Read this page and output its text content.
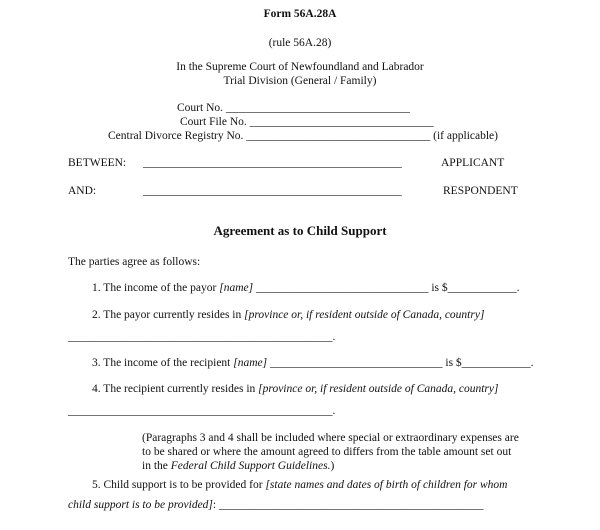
Form 56A.28A
(rule 56A.28)
In the Supreme Court of Newfoundland and Labrador
Trial Division (General / Family)
Court No. ________________________________
Court File No. ________________________________
Central Divorce Registry No. ________________________________ (if applicable)
BETWEEN: _____________________________________________	APPLICANT
AND:	_____________________________________________	RESPONDENT
Agreement as to Child Support
The parties agree as follows:
1. The income of the payor [name] ______________________________ is $____________.
2. The payor currently resides in [province or, if resident outside of Canada, country]
______________________________________________.
3. The income of the recipient [name] ______________________________ is $____________.
4. The recipient currently resides in [province or, if resident outside of Canada, country]
______________________________________________.
(Paragraphs 3 and 4 shall be included where special or extraordinary expenses are
to be shared or where the amount agreed to differs from the table amount set out
in the Federal Child Support Guidelines.)
5. Child support is to be provided for [state names and dates of birth of children for whom
child support is to be provided]: ______________________________________________
